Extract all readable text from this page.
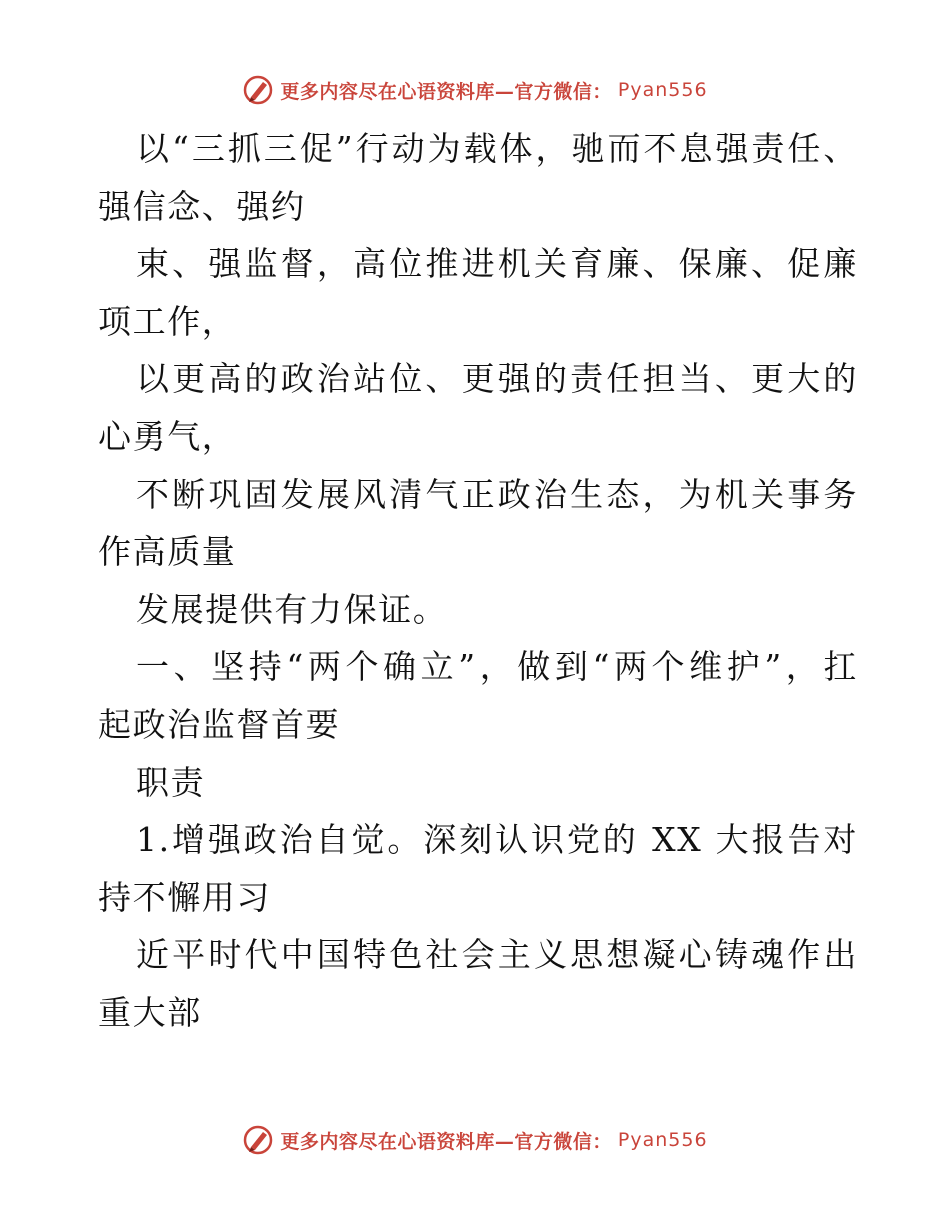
更多内容尽在心语资料库—官方微信： Pyan556
以“三抓三促”行动为载体，驰而不息强责任、
强信念、强约
束、强监督，高位推进机关育廉、保廉、促廉
项工作，
以更高的政治站位、更强的责任担当、更大的
心勇气，
不断巩固发展风清气正政治生态，为机关事务
作高质量
发展提供有力保证。
一、坚持“两个确立”，做到“两个维护”，扛
起政治监督首要
职责
1.增强政治自觉。深刻认识党的 XX 大报告对
持不懈用习
近平时代中国特色社会主义思想凝心铸魂作出
重大部
更多内容尽在心语资料库—官方微信： Pyan556
